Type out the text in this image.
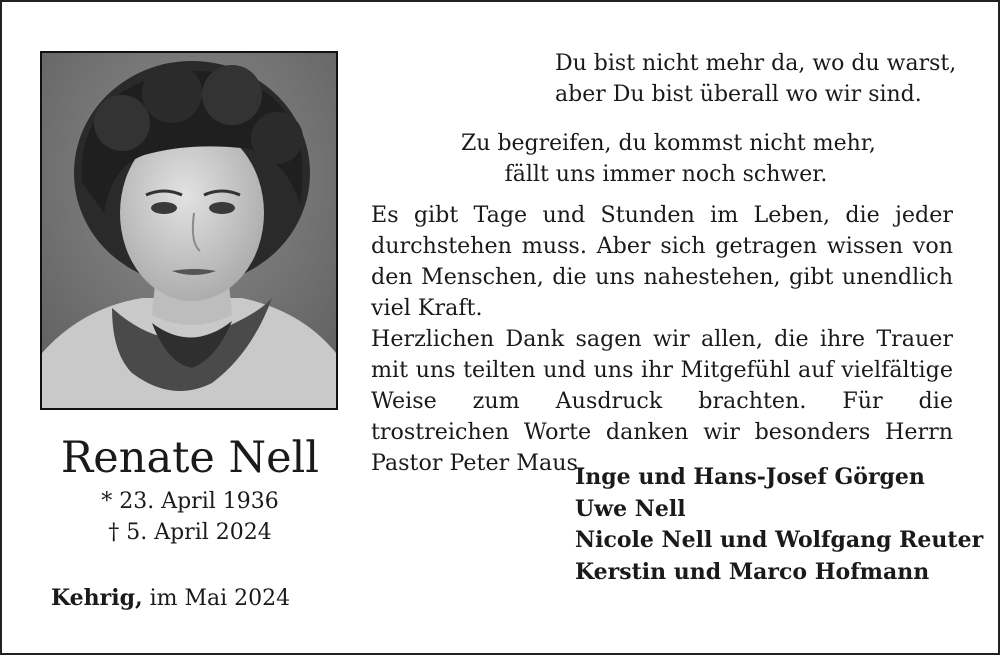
Du bist nicht mehr da, wo du warst,
aber Du bist überall wo wir sind.
Zu begreifen, du kommst nicht mehr,
fällt uns immer noch schwer.

Es gibt Tage und Stunden im Leben, die jeder durchstehen muss. Aber sich getragen wissen von den Menschen, die uns nahestehen, gibt unendlich viel Kraft.

Herzlichen Dank sagen wir allen, die ihre Trauer mit uns teilten und uns ihr Mitgefühl auf vielfältige Weise zum Ausdruck brachten. Für die trostreichen Worte danken wir besonders Herrn Pastor Peter Maus.

Renate Nell
* 23. April 1936
† 5. April 2024
Kehrig, im Mai 2024
Inge und Hans-Josef Görgen
Uwe Nell
Nicole Nell und Wolfgang Reuter
Kerstin und Marco Hofmann
